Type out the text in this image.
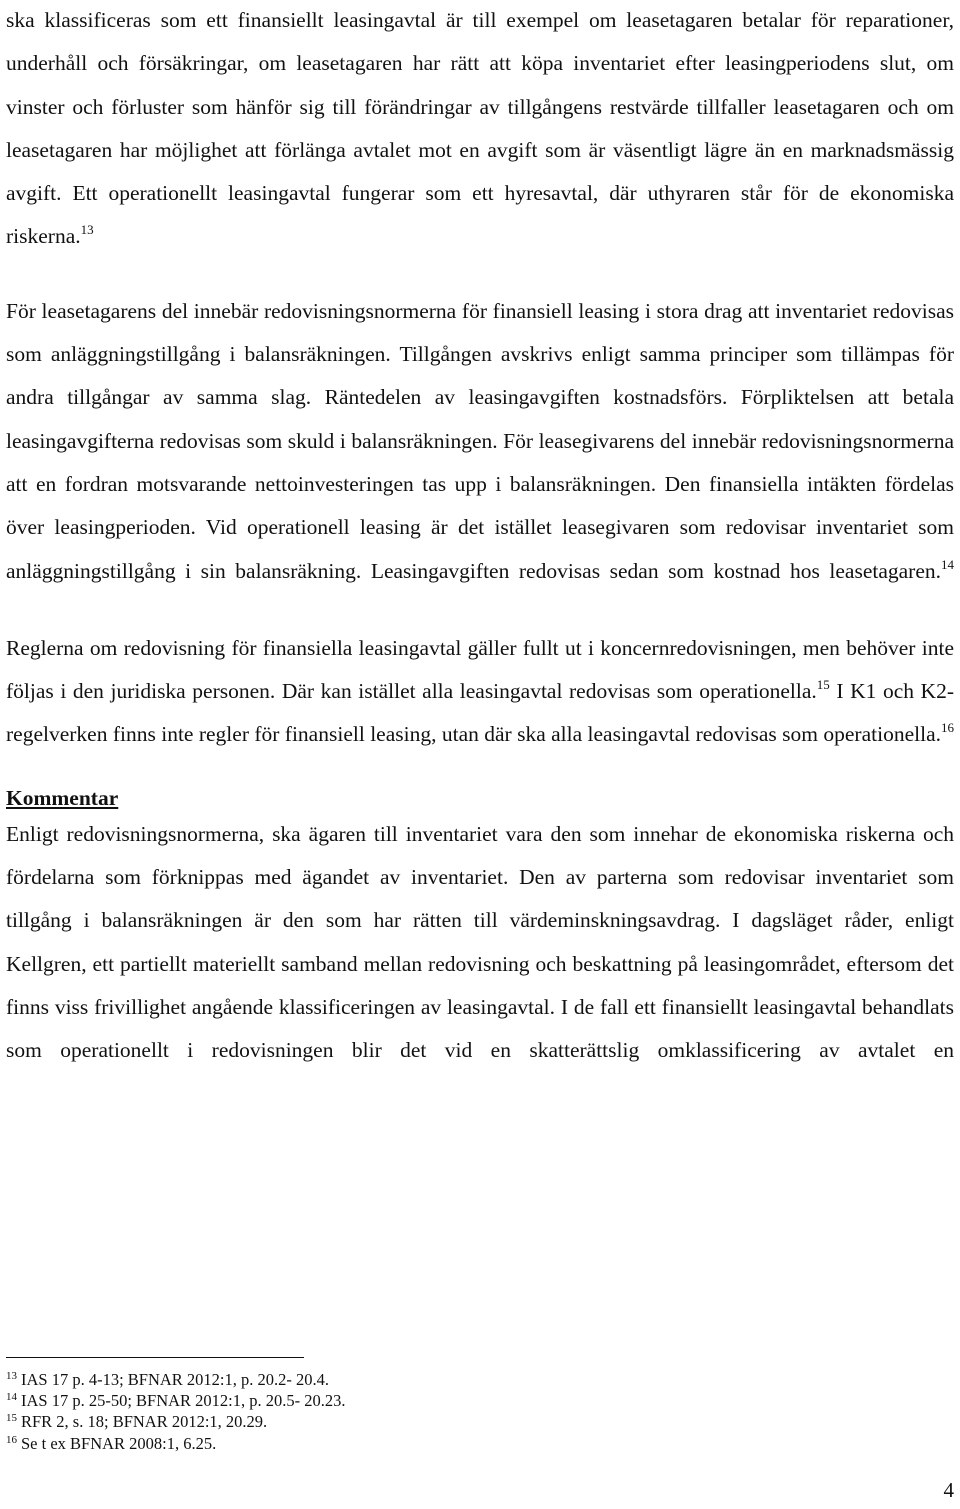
ska klassificeras som ett finansiellt leasingavtal är till exempel om leasetagaren betalar för reparationer, underhåll och försäkringar, om leasetagaren har rätt att köpa inventariet efter leasingperiodens slut, om vinster och förluster som hänför sig till förändringar av tillgångens restvärde tillfaller leasetagaren och om leasetagaren har möjlighet att förlänga avtalet mot en avgift som är väsentligt lägre än en marknadsmässig avgift. Ett operationellt leasingavtal fungerar som ett hyresavtal, där uthyraren står för de ekonomiska riskerna.$^{13}$

För leasetagarens del innebär redovisningsnormerna för finansiell leasing i stora drag att inventariet redovisas som anläggningstillgång i balansräkningen. Tillgången avskrivs enligt samma principer som tillämpas för andra tillgångar av samma slag. Räntedelen av leasingavgiften kostnadsförs. Förpliktelsen att betala leasingavgifterna redovisas som skuld i balansräkningen. För leasegivarens del innebär redovisningsnormerna att en fordran motsvarande nettoinvesteringen tas upp i balansräkningen. Den finansiella intäkten fördelas över leasingperioden. Vid operationell leasing är det istället leasegivaren som redovisar inventariet som anläggningstillgång i sin balansräkning. Leasingavgiften redovisas sedan som kostnad hos leasetagaren.$^{14}$

Reglerna om redovisning för finansiella leasingavtal gäller fullt ut i koncernredovisningen, men behöver inte följas i den juridiska personen. Där kan istället alla leasingavtal redovisas som operationella.$^{15}$ I K1 och K2-regelverken finns inte regler för finansiell leasing, utan där ska alla leasingavtal redovisas som operationella.$^{16}$

Kommentar

Enligt redovisningsnormerna, ska ägaren till inventariet vara den som innehar de ekonomiska riskerna och fördelarna som förknippas med ägandet av inventariet. Den av parterna som redovisar inventariet som tillgång i balansräkningen är den som har rätten till värdeminskningsavdrag. I dagsläget råder, enligt Kellgren, ett partiellt materiellt samband mellan redovisning och beskattning på leasingområdet, eftersom det finns viss frivillighet angående klassificeringen av leasingavtal. I de fall ett finansiellt leasingavtal behandlats som operationellt i redovisningen blir det vid en skatterättslig omklassificering av avtalet en

$^{13}$ IAS 17 p. 4-13; BFNAR 2012:1, p. 20.2- 20.4.

$^{14}$ IAS 17 p. 25-50; BFNAR 2012:1, p. 20.5- 20.23.

$^{15}$ RFR 2, s. 18; BFNAR 2012:1, 20.29.

$^{16}$ Se t ex BFNAR 2008:1, 6.25.

4
